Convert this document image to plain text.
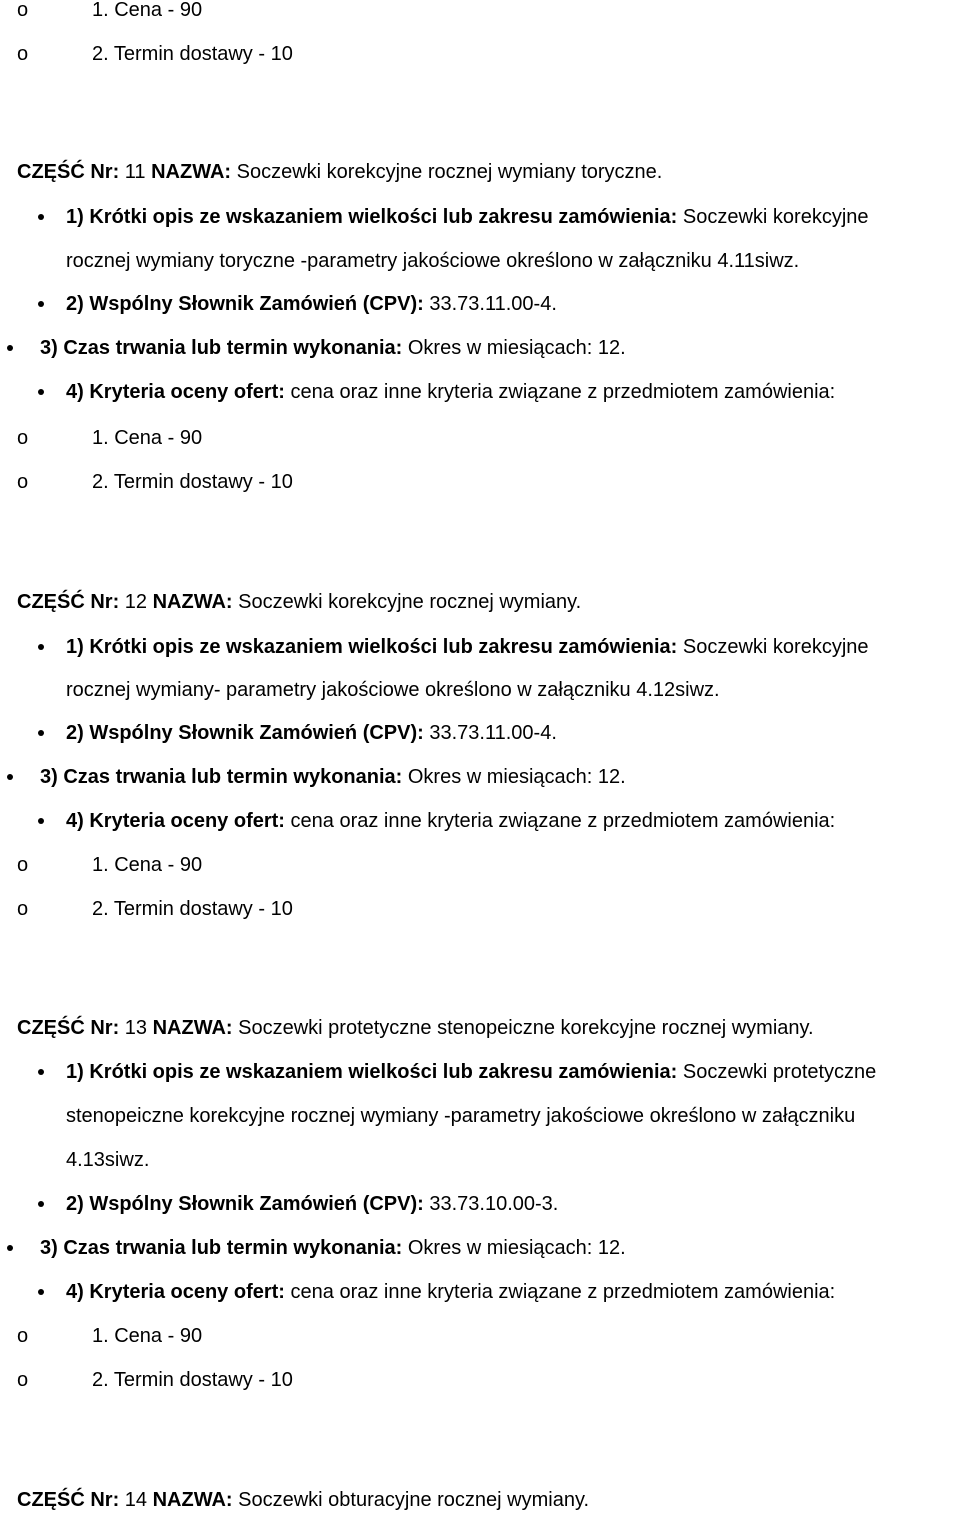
o	1. Cena - 90
o	2. Termin dostawy - 10
CZĘŚĆ Nr: 11 NAZWA: Soczewki korekcyjne rocznej wymiany toryczne.
1) Krótki opis ze wskazaniem wielkości lub zakresu zamówienia: Soczewki korekcyjne
rocznej wymiany toryczne -parametry jakościowe określono w załączniku 4.11siwz.
2) Wspólny Słownik Zamówień (CPV): 33.73.11.00-4.
3) Czas trwania lub termin wykonania: Okres w miesiącach: 12.
4) Kryteria oceny ofert: cena oraz inne kryteria związane z przedmiotem zamówienia:
o	1. Cena - 90
o	2. Termin dostawy - 10
CZĘŚĆ Nr: 12 NAZWA: Soczewki korekcyjne rocznej wymiany.
1) Krótki opis ze wskazaniem wielkości lub zakresu zamówienia: Soczewki korekcyjne
rocznej wymiany- parametry jakościowe określono w załączniku 4.12siwz.
2) Wspólny Słownik Zamówień (CPV): 33.73.11.00-4.
3) Czas trwania lub termin wykonania: Okres w miesiącach: 12.
4) Kryteria oceny ofert: cena oraz inne kryteria związane z przedmiotem zamówienia:
o	1. Cena - 90
o	2. Termin dostawy - 10
CZĘŚĆ Nr: 13 NAZWA: Soczewki protetyczne stenopeiczne korekcyjne rocznej wymiany.
1) Krótki opis ze wskazaniem wielkości lub zakresu zamówienia: Soczewki protetyczne
stenopeiczne korekcyjne rocznej wymiany -parametry jakościowe określono w załączniku
4.13siwz.
2) Wspólny Słownik Zamówień (CPV): 33.73.10.00-3.
3) Czas trwania lub termin wykonania: Okres w miesiącach: 12.
4) Kryteria oceny ofert: cena oraz inne kryteria związane z przedmiotem zamówienia:
o	1. Cena - 90
o	2. Termin dostawy - 10
CZĘŚĆ Nr: 14 NAZWA: Soczewki obturacyjne rocznej wymiany.
